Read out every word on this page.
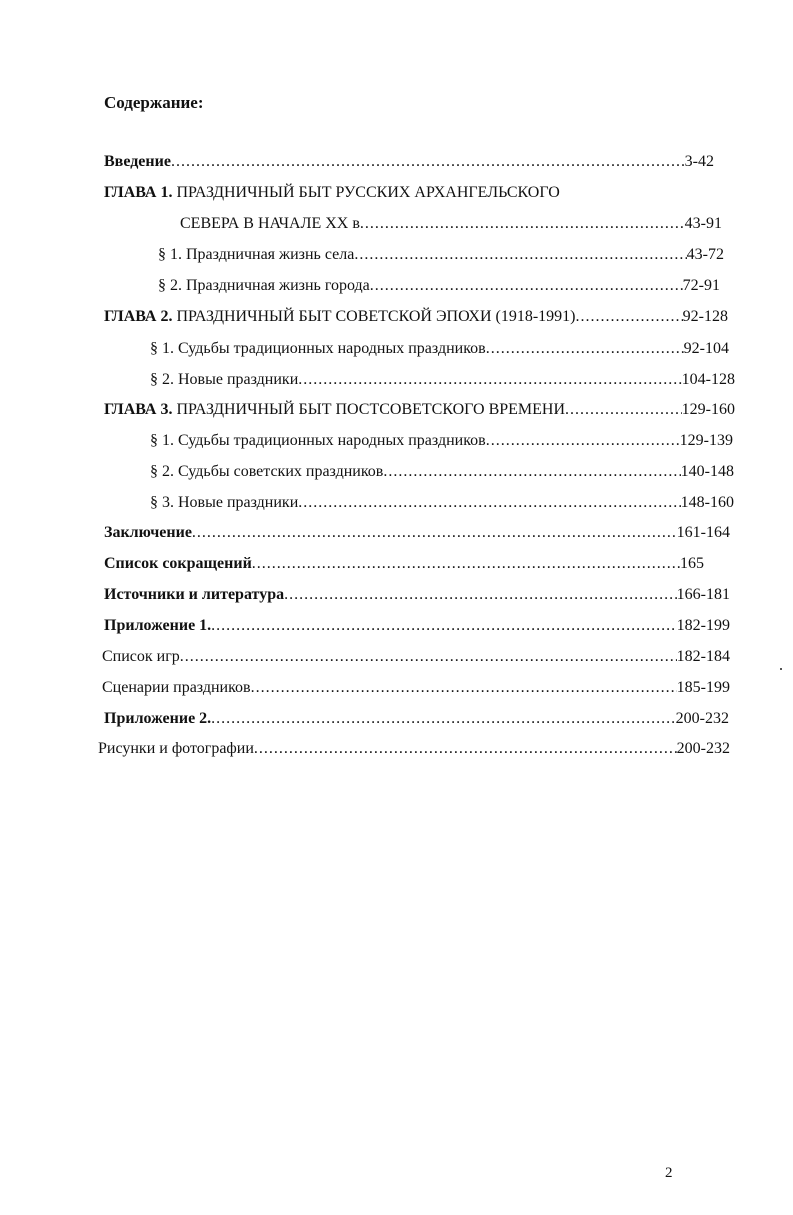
Содержание:
Введение .....	3-42
ГЛАВА 1. ПРАЗДНИЧНЫЙ БЫТ РУССКИХ АРХАНГЕЛЬСКОГО
СЕВЕРА В НАЧАЛЕ XX в .....	43-91
§ 1. Праздничная жизнь села .....	43-72
§ 2. Праздничная жизнь города .....	72-91
ГЛАВА 2. ПРАЗДНИЧНЫЙ БЫТ СОВЕТСКОЙ ЭПОХИ (1918-1991) .....	92-128
§ 1. Судьбы традиционных народных праздников .....	92-104
§ 2. Новые праздники .....	104-128
ГЛАВА 3. ПРАЗДНИЧНЫЙ БЫТ ПОСТСОВЕТСКОГО ВРЕМЕНИ .....	129-160
§ 1. Судьбы традиционных народных праздников .....	129-139
§ 2. Судьбы советских праздников .....	140-148
§ 3. Новые праздники .....	148-160
Заключение .....	161-164
Список сокращений .....	165
Источники и литература .....	166-181
Приложение 1. .....	182-199
Список игр .....	182-184
Сценарии праздников .....	185-199
Приложение 2. .....	200-232
Рисунки и фотографии .....	200-232
2
